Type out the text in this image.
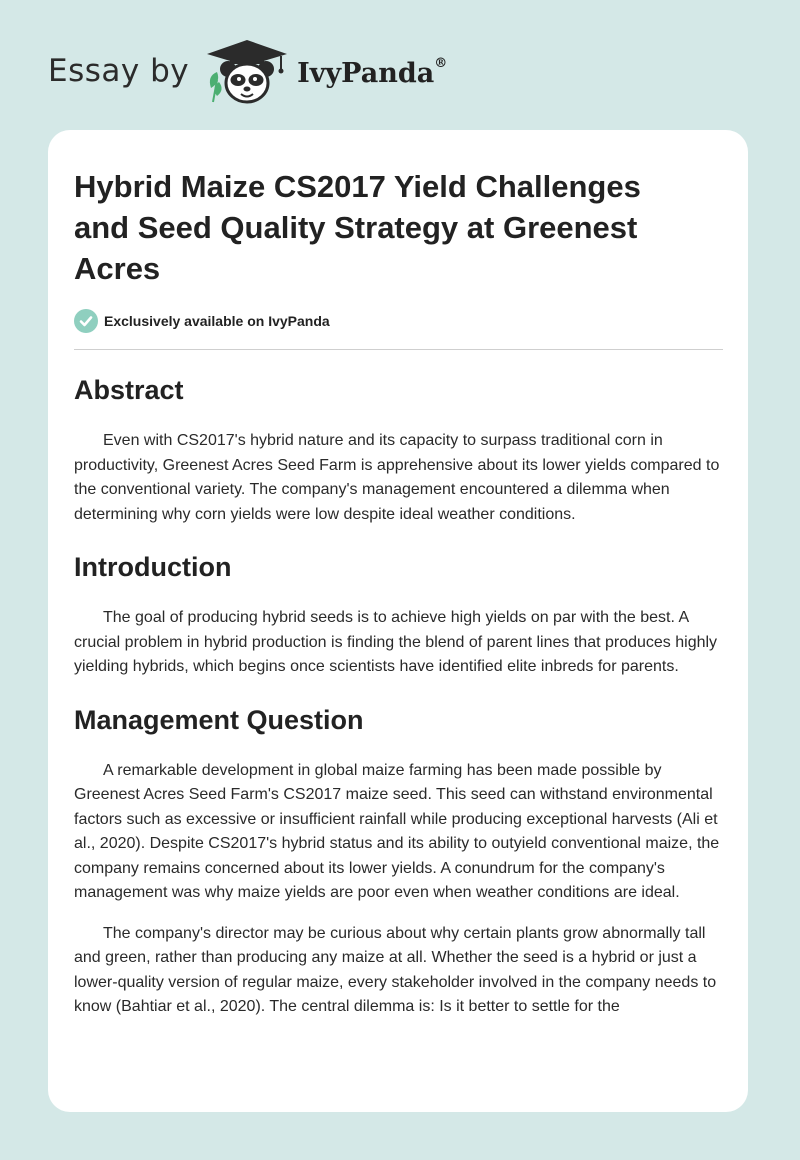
Essay by	IvyPanda®
Hybrid Maize CS2017 Yield Challenges and Seed Quality Strategy at Greenest Acres
Exclusively available on IvyPanda
Abstract

Even with CS2017's hybrid nature and its capacity to surpass traditional corn in productivity, Greenest Acres Seed Farm is apprehensive about its lower yields compared to the conventional variety. The company's management encountered a dilemma when determining why corn yields were low despite ideal weather conditions.

Introduction

The goal of producing hybrid seeds is to achieve high yields on par with the best. A crucial problem in hybrid production is finding the blend of parent lines that produces highly yielding hybrids, which begins once scientists have identified elite inbreds for parents.

Management Question

A remarkable development in global maize farming has been made possible by Greenest Acres Seed Farm's CS2017 maize seed. This seed can withstand environmental factors such as excessive or insufficient rainfall while producing exceptional harvests (Ali et al., 2020). Despite CS2017's hybrid status and its ability to outyield conventional maize, the company remains concerned about its lower yields. A conundrum for the company's management was why maize yields are poor even when weather conditions are ideal.

The company's director may be curious about why certain plants grow abnormally tall and green, rather than producing any maize at all. Whether the seed is a hybrid or just a lower-quality version of regular maize, every stakeholder involved in the company needs to know (Bahtiar et al., 2020). The central dilemma is: Is it better to settle for the
